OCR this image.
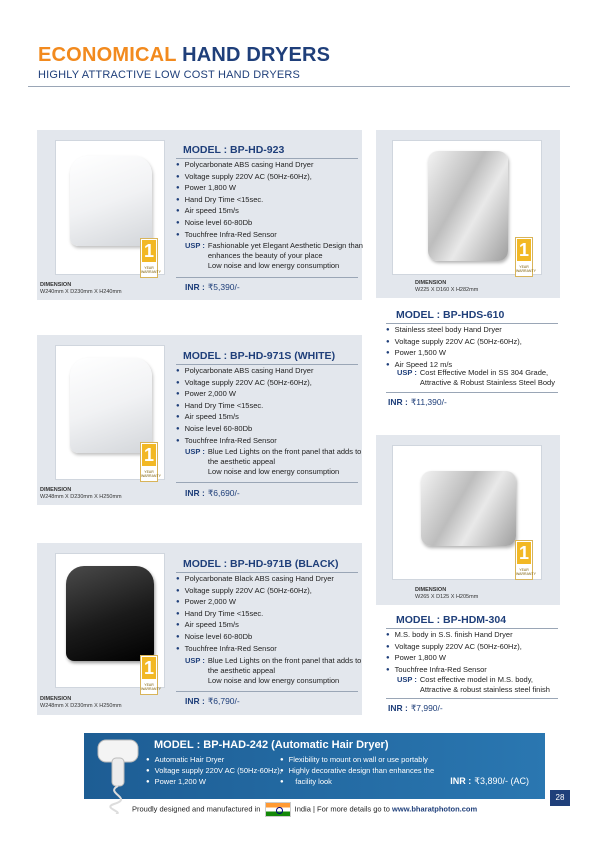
ECONOMICAL HAND DRYERS
HIGHLY ATTRACTIVE LOW COST HAND DRYERS
1
YEAR WARRANTY
DIMENSION
W240mm X D230mm X H240mm
MODEL : BP-HD-923
● Polycarbonate ABS casing Hand Dryer
● Voltage supply 220V AC (50Hz-60Hz),
● Power 1,800 W
● Hand Dry Time <15sec.
● Air speed 15m/s
● Noise level 60-80Db
● Touchfree Infra-Red Sensor
USP : Fashionable yet Elegant Aesthetic Design than
enhances the beauty of your place
Low noise and low energy consumption
INR : ₹5,390/-
1
YEAR WARRANTY
DIMENSION
W225 X D160 X H282mm
MODEL : BP-HDS-610
● Stainless steel body Hand Dryer
● Voltage supply 220V AC (50Hz-60Hz),
● Power 1,500 W
● Air Speed 12 m/s
USP : Cost Effective Model in SS 304 Grade,
Attractive & Robust Stainless Steel Body
INR : ₹11,390/-
1
YEAR WARRANTY
DIMENSION
W248mm X D230mm X H250mm
MODEL : BP-HD-971S (WHITE)
● Polycarbonate ABS casing Hand Dryer
● Voltage supply 220V AC (50Hz-60Hz),
● Power 2,000 W
● Hand Dry Time <15sec.
● Air speed 15m/s
● Noise level 60-80Db
● Touchfree Infra-Red Sensor
USP : Blue Led Lights on the front panel that adds to
the aesthetic appeal
Low noise and low energy consumption
INR : ₹6,690/-
1
YEAR WARRANTY
DIMENSION
W265 X D125 X H205mm
MODEL : BP-HDM-304
● M.S. body in S.S. finish Hand Dryer
● Voltage supply 220V AC (50Hz-60Hz),
● Power 1,800 W
● Touchfree Infra-Red Sensor
USP : Cost effective model in M.S. body,
Attractive & robust stainless steel finish
INR : ₹7,990/-
1
YEAR WARRANTY
DIMENSION
W248mm X D230mm X H250mm
MODEL : BP-HD-971B (BLACK)
● Polycarbonate Black ABS casing Hand Dryer
● Voltage supply 220V AC (50Hz-60Hz),
● Power 2,000 W
● Hand Dry Time <15sec.
● Air speed 15m/s
● Noise level 60-80Db
● Touchfree Infra-Red Sensor
USP : Blue Led Lights on the front panel that adds to
the aesthetic appeal
Low noise and low energy consumption
INR : ₹6,790/-
MODEL : BP-HAD-242 (Automatic Hair Dryer)
● Automatic Hair Dryer
● Voltage supply 220V AC (50Hz-60Hz),
● Power 1,200 W
● Flexibility to mount on wall or use portably
● Highly decorative design than enhances the
● facility look	INR : ₹3,890/- (AC)
Proudly designed and manufactured in	India | For more details go to www.bharatphoton.com
28
